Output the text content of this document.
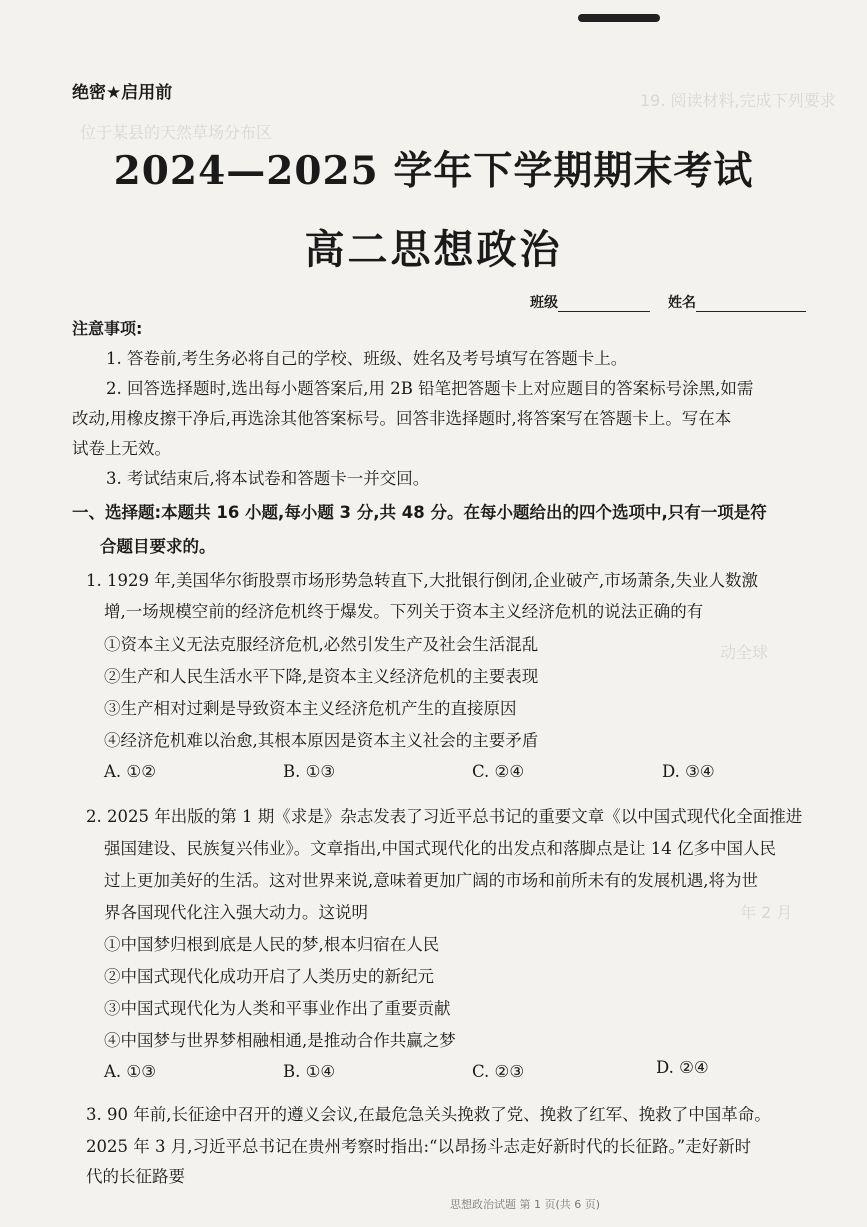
19. 阅读材料,完成下列要求
位于某县的天然草场分布区
动全球
年 2 月
绝密★启用前
2024—2025 学年下学期期末考试
高二思想政治
班级	姓名
注意事项:
1. 答卷前,考生务必将自己的学校、班级、姓名及考号填写在答题卡上。
2. 回答选择题时,选出每小题答案后,用 2B 铅笔把答题卡上对应题目的答案标号涂黑,如需
改动,用橡皮擦干净后,再选涂其他答案标号。回答非选择题时,将答案写在答题卡上。写在本
试卷上无效。
3. 考试结束后,将本试卷和答题卡一并交回。
一、选择题:本题共 16 小题,每小题 3 分,共 48 分。在每小题给出的四个选项中,只有一项是符
合题目要求的。
1. 1929 年,美国华尔街股票市场形势急转直下,大批银行倒闭,企业破产,市场萧条,失业人数激
增,一场规模空前的经济危机终于爆发。下列关于资本主义经济危机的说法正确的有
①资本主义无法克服经济危机,必然引发生产及社会生活混乱
②生产和人民生活水平下降,是资本主义经济危机的主要表现
③生产相对过剩是导致资本主义经济危机产生的直接原因
④经济危机难以治愈,其根本原因是资本主义社会的主要矛盾
A. ①②	B. ①③	C. ②④	D. ③④
2. 2025 年出版的第 1 期《求是》杂志发表了习近平总书记的重要文章《以中国式现代化全面推进
强国建设、民族复兴伟业》。文章指出,中国式现代化的出发点和落脚点是让 14 亿多中国人民
过上更加美好的生活。这对世界来说,意味着更加广阔的市场和前所未有的发展机遇,将为世
界各国现代化注入强大动力。这说明
①中国梦归根到底是人民的梦,根本归宿在人民
②中国式现代化成功开启了人类历史的新纪元
③中国式现代化为人类和平事业作出了重要贡献
④中国梦与世界梦相融相通,是推动合作共赢之梦
A. ①③	B. ①④	C. ②③	D. ②④
3. 90 年前,长征途中召开的遵义会议,在最危急关头挽救了党、挽救了红军、挽救了中国革命。
2025 年 3 月,习近平总书记在贵州考察时指出:“以昂扬斗志走好新时代的长征路。”走好新时
代的长征路要
思想政治试题 第 1 页(共 6 页)
